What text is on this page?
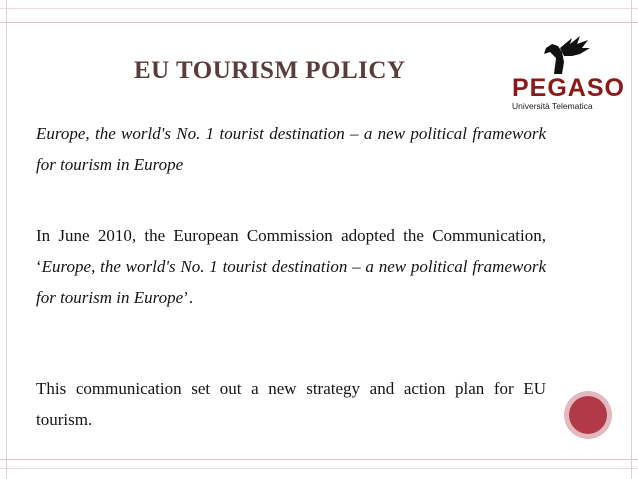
EU TOURISM POLICY
PEGASO
Università Telematica
Europe, the world's No. 1 tourist destination – a new political framework for tourism in Europe
In June 2010, the European Commission adopted the Communication, ‘Europe, the world's No. 1 tourist destination – a new political framework for tourism in Europe’.
This communication set out a new strategy and action plan for EU tourism.
